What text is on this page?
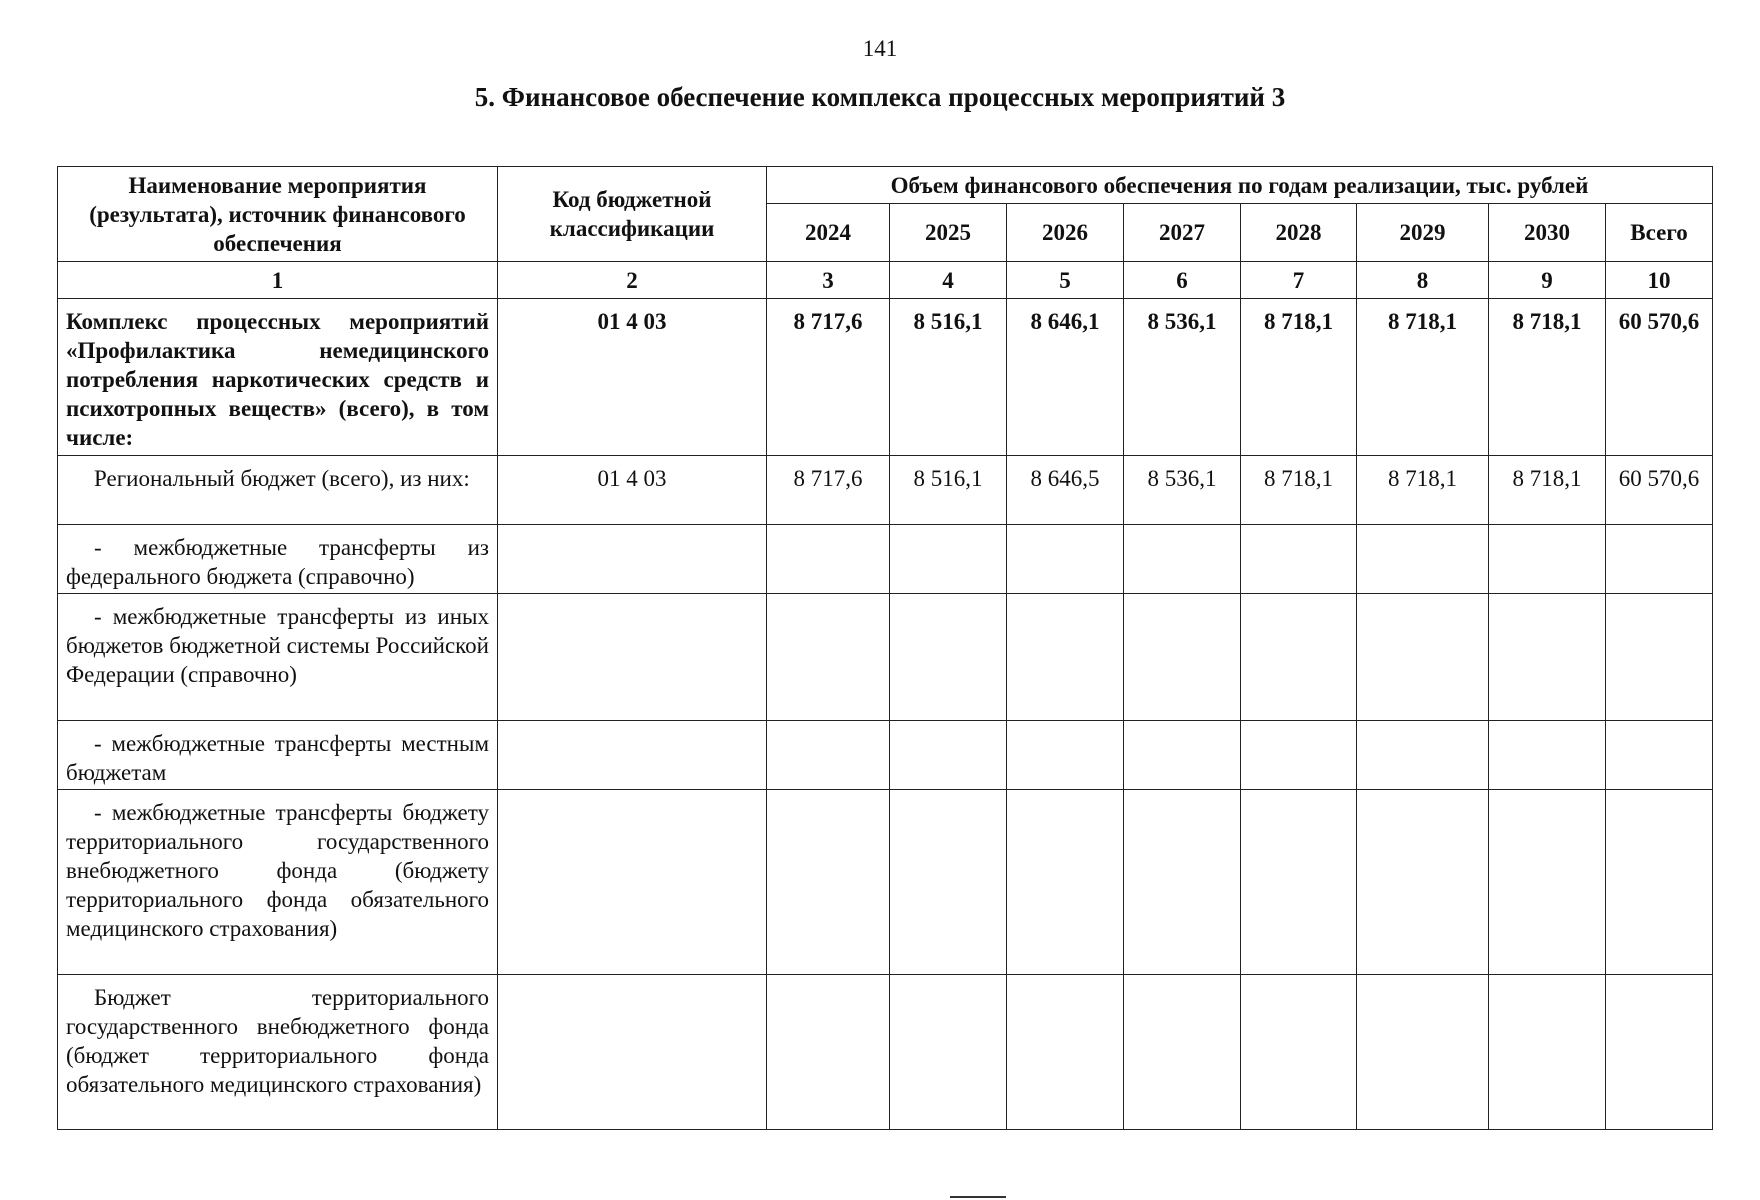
141
5. Финансовое обеспечение комплекса процессных мероприятий 3
Наименование мероприятия (результата), источник финансового обеспечения	Код бюджетной классификации	Объем финансового обеспечения по годам реализации, тыс. рублей							
		2024	2025	2026	2027	2028	2029	2030	Всего
1	2	3	4	5	6	7	8	9	10
Комплекс процессных мероприятий «Профилактика немедицинского потребления наркотических средств и психотропных веществ» (всего), в том числе:	01 4 03	8 717,6	8 516,1	8 646,1	8 536,1	8 718,1	8 718,1	8 718,1	60 570,6
Региональный бюджет (всего), из них:	01 4 03	8 717,6	8 516,1	8 646,5	8 536,1	8 718,1	8 718,1	8 718,1	60 570,6
- межбюджетные трансферты из федерального бюджета (справочно)									
- межбюджетные трансферты из иных бюджетов бюджетной системы Российской Федерации (справочно)									
- межбюджетные трансферты местным бюджетам									
- межбюджетные трансферты бюджету территориального государственного внебюджетного фонда (бюджету территориального фонда обязательного медицинского страхования)									
Бюджет территориального государственного внебюджетного фонда (бюджет территориального фонда обязательного медицинского страхования)									
